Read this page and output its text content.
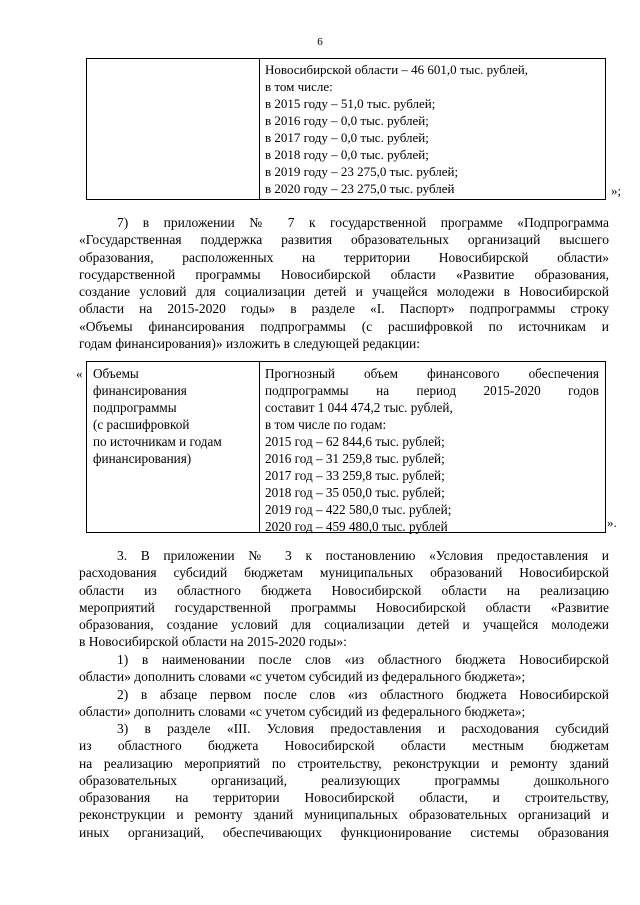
6
Новосибирской области – 46 601,0 тыс. рублей,
в том числе:
в 2015 году – 51,0 тыс. рублей;
в 2016 году – 0,0 тыс. рублей;
в 2017 году – 0,0 тыс. рублей;
в 2018 году – 0,0 тыс. рублей;
в 2019 году – 23 275,0 тыс. рублей;
в 2020 году – 23 275,0 тыс. рублей	»;
7) в приложении № 7 к государственной программе «Подпрограмма
«Государственная поддержка развития образовательных организаций высшего
образования, расположенных на территории Новосибирской области»
государственной программы Новосибирской области «Развитие образования,
создание условий для социализации детей и учащейся молодежи в Новосибирской
области на 2015-2020 годы» в разделе «I. Паспорт» подпрограммы строку
«Объемы финансирования подпрограммы (с расшифровкой по источникам и
годам финансирования)» изложить в следующей редакции:
« Объемы
финансирования
подпрограммы
(с расшифровкой
по источникам и годам
финансирования)
Прогнозный объем финансового обеспечения
подпрограммы на период 2015-2020 годов
составит 1 044 474,2 тыс. рублей,
в том числе по годам:
2015 год – 62 844,6 тыс. рублей;
2016 год – 31 259,8 тыс. рублей;
2017 год – 33 259,8 тыс. рублей;
2018 год – 35 050,0 тыс. рублей;
2019 год – 422 580,0 тыс. рублей;
2020 год – 459 480,0 тыс. рублей	».
3. В приложении № 3 к постановлению «Условия предоставления и
расходования субсидий бюджетам муниципальных образований Новосибирской
области из областного бюджета Новосибирской области на реализацию
мероприятий государственной программы Новосибирской области «Развитие
образования, создание условий для социализации детей и учащейся молодежи
в Новосибирской области на 2015-2020 годы»:
1) в наименовании после слов «из областного бюджета Новосибирской
области» дополнить словами «с учетом субсидий из федерального бюджета»;
2) в абзаце первом после слов «из областного бюджета Новосибирской
области» дополнить словами «с учетом субсидий из федерального бюджета»;
3) в разделе «III. Условия предоставления и расходования субсидий
из областного бюджета Новосибирской области местным бюджетам
на реализацию мероприятий по строительству, реконструкции и ремонту зданий
образовательных организаций, реализующих программы дошкольного
образования на территории Новосибирской области, и строительству,
реконструкции и ремонту зданий муниципальных образовательных организаций и
иных организаций, обеспечивающих функционирование системы образования
